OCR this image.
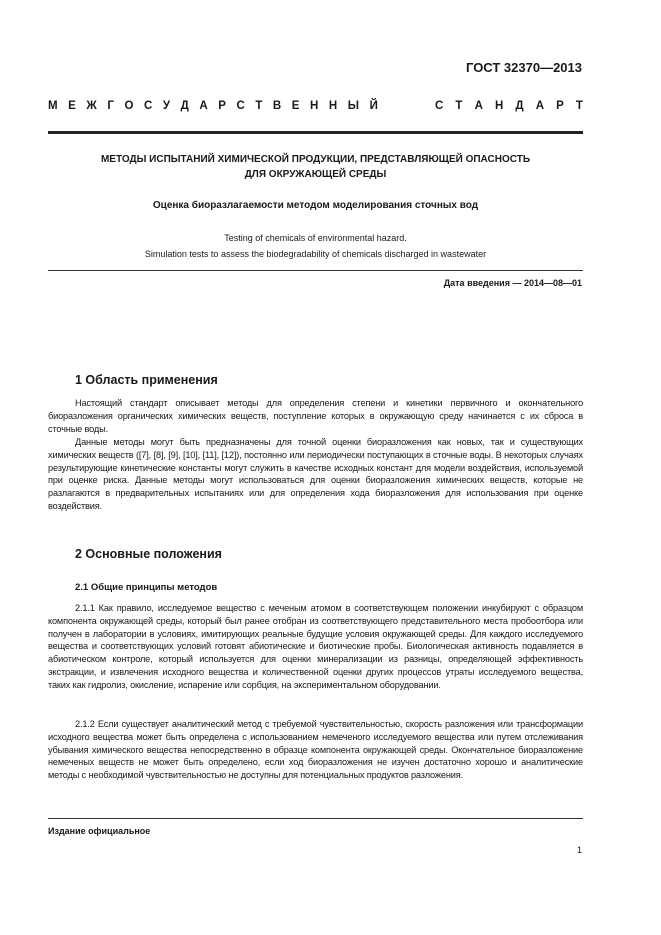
ГОСТ 32370—2013
М Е Ж Г О С У Д А Р С Т В Е Н Н Ы Й	С Т А Н Д А Р Т
МЕТОДЫ ИСПЫТАНИЙ ХИМИЧЕСКОЙ ПРОДУКЦИИ, ПРЕДСТАВЛЯЮЩЕЙ ОПАСНОСТЬ
ДЛЯ ОКРУЖАЮЩЕЙ СРЕДЫ
Оценка биоразлагаемости методом моделирования сточных вод
Testing of chemicals of environmental hazard.
Simulation tests to assess the biodegradability of chemicals discharged in wastewater
Дата введения — 2014—08—01
1 Область применения
Настоящий стандарт описывает методы для определения степени и кинетики первичного и окончательного биоразложения органических химических веществ, поступление которых в окружающую среду начинается с их сброса в сточные воды.
Данные методы могут быть предназначены для точной оценки биоразложения как новых, так и существующих химических веществ ([7], [8], [9], [10], [11], [12]), постоянно или периодически поступающих в сточные воды. В некоторых случаях результирующие кинетические константы могут служить в качестве исходных констант для модели воздействия, используемой при оценке риска. Данные методы могут использоваться для оценки биоразложения химических веществ, которые не разлагаются в предварительных испытаниях или для определения хода биоразложения для использования при оценке воздействия.
2 Основные положения
2.1 Общие принципы методов
2.1.1 Как правило, исследуемое вещество с меченым атомом в соответствующем положении инкубируют с образцом компонента окружающей среды, который был ранее отобран из соответствующего представительного места пробоотбора или получен в лаборатории в условиях, имитирующих реальные будущие условия окружающей среды. Для каждого исследуемого вещества и соответствующих условий готовят абиотические и биотические пробы. Биологическая активность подавляется в абиотическом контроле, который используется для оценки минерализации из разницы, определяющей эффективность экстракции, и извлечения исходного вещества и количественной оценки других процессов утраты исследуемого вещества, таких как гидролиз, окисление, испарение или сорбция, на экспериментальном оборудовании.
2.1.2 Если существует аналитический метод с требуемой чувствительностью, скорость разложения или трансформации исходного вещества может быть определена с использованием немеченого исследуемого вещества или путем отслеживания убывания химического вещества непосредственно в образце компонента окружающей среды. Окончательное биоразложение немеченых веществ не может быть определено, если ход биоразложения не изучен достаточно хорошо и аналитические методы с необходимой чувствительностью не доступны для потенциальных продуктов разложения.
Издание официальное
1
